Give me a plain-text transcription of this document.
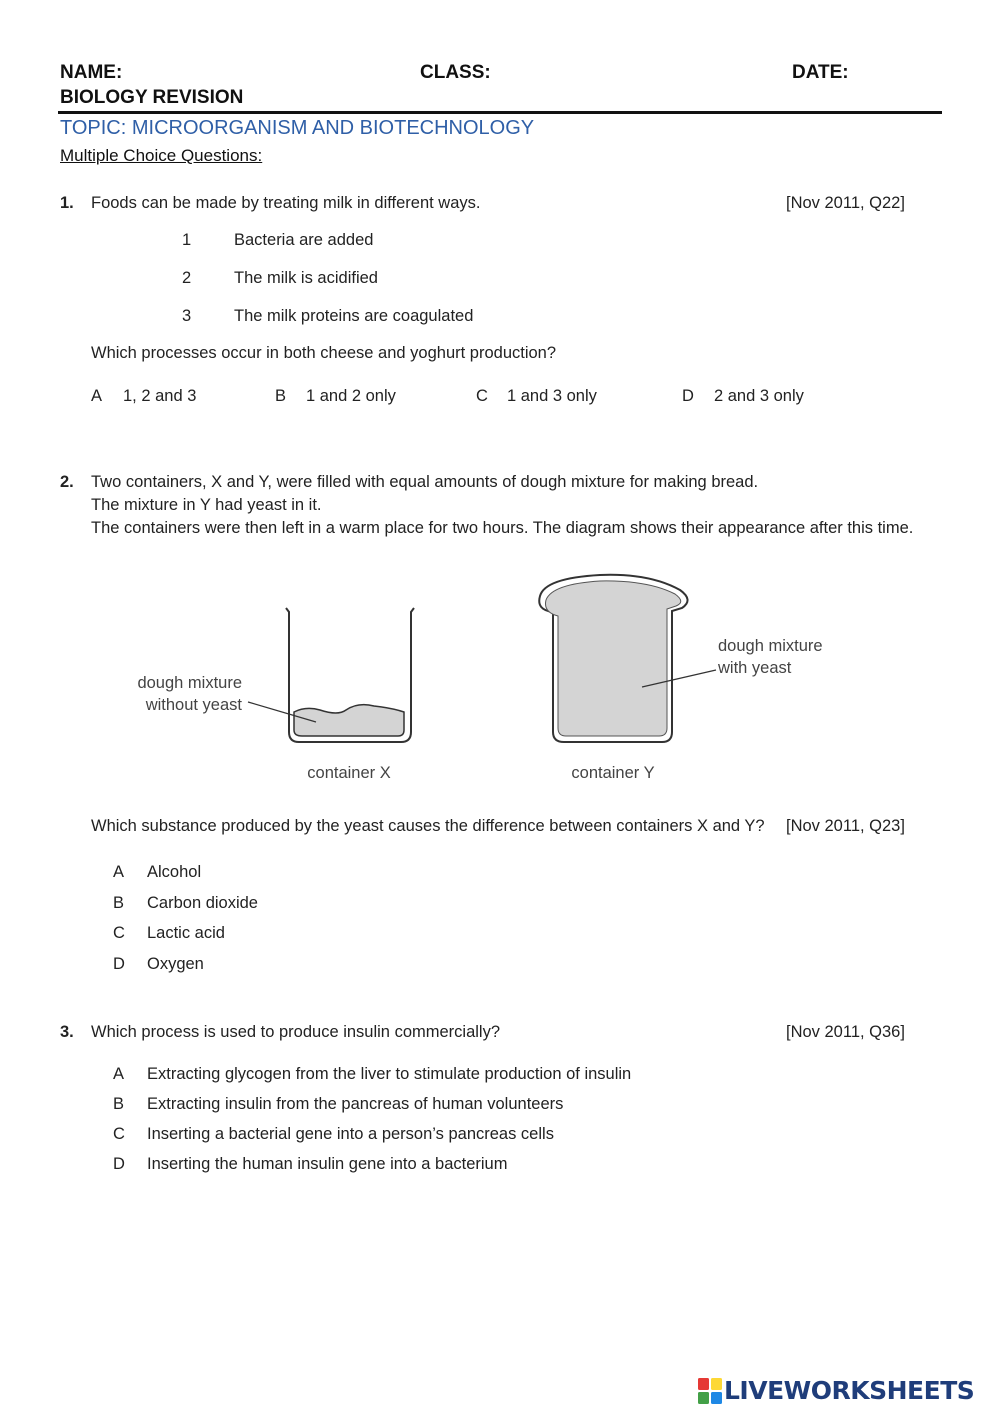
NAME:	CLASS:	DATE:
BIOLOGY REVISION
TOPIC: MICROORGANISM AND BIOTECHNOLOGY
Multiple Choice Questions:
1. Foods can be made by treating milk in different ways.	[Nov 2011, Q22]
1	Bacteria are added
2	The milk is acidified
3	The milk proteins are coagulated
Which processes occur in both cheese and yoghurt production?
A 1, 2 and 3	B 1 and 2 only	C 1 and 3 only	D 2 and 3 only
2. Two containers, X and Y, were filled with equal amounts of dough mixture for making bread.
The mixture in Y had yeast in it.
The containers were then left in a warm place for two hours. The diagram shows their appearance after this time.
dough mixture
without yeast
dough mixture
with yeast
container X	container Y
Which substance produced by the yeast causes the difference between containers X and Y? [Nov 2011, Q23]
A Alcohol
B Carbon dioxide
C Lactic acid
D Oxygen
3. Which process is used to produce insulin commercially?	[Nov 2011, Q36]
A Extracting glycogen from the liver to stimulate production of insulin
B Extracting insulin from the pancreas of human volunteers
C Inserting a bacterial gene into a person’s pancreas cells
D Inserting the human insulin gene into a bacterium
LIVEWORKSHEETS
